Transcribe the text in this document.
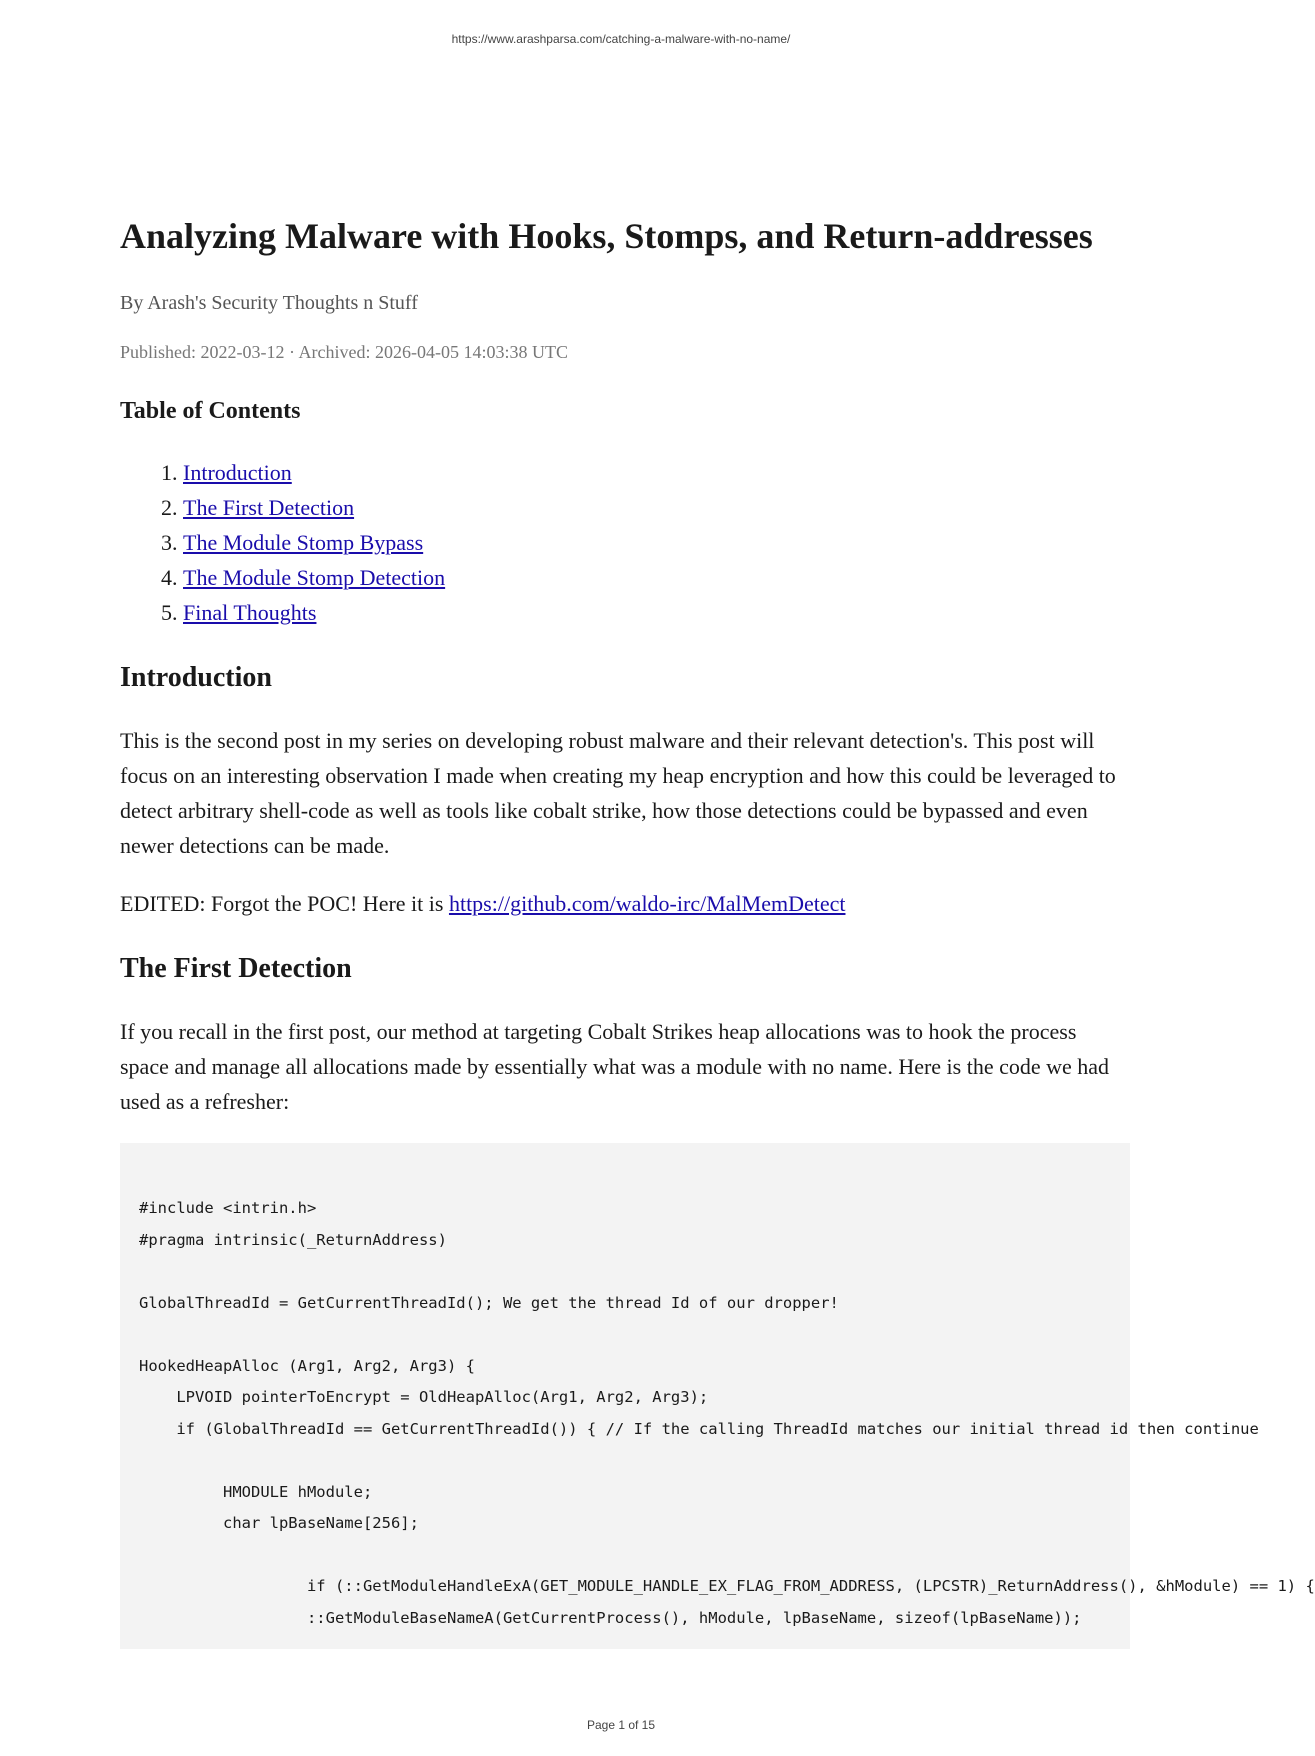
https://www.arashparsa.com/catching-a-malware-with-no-name/
Analyzing Malware with Hooks, Stomps, and Return-addresses
By Arash's Security Thoughts n Stuff
Published: 2022-03-12 · Archived: 2026-04-05 14:03:38 UTC
Table of Contents
1. Introduction
2. The First Detection
3. The Module Stomp Bypass
4. The Module Stomp Detection
5. Final Thoughts
Introduction

This is the second post in my series on developing robust malware and their relevant detection's. This post will focus on an interesting observation I made when creating my heap encryption and how this could be leveraged to detect arbitrary shell-code as well as tools like cobalt strike, how those detections could be bypassed and even newer detections can be made.

EDITED: Forgot the POC! Here it is https://github.com/waldo-irc/MalMemDetect

The First Detection

If you recall in the first post, our method at targeting Cobalt Strikes heap allocations was to hook the process space and manage all allocations made by essentially what was a module with no name. Here is the code we had used as a refresher:

#include <intrin.h>
#pragma intrinsic(_ReturnAddress)

GlobalThreadId = GetCurrentThreadId(); We get the thread Id of our dropper!

HookedHeapAlloc (Arg1, Arg2, Arg3) {
LPVOID pointerToEncrypt = OldHeapAlloc(Arg1, Arg2, Arg3);
if (GlobalThreadId == GetCurrentThreadId()) { // If the calling ThreadId matches our initial thread id then continue

HMODULE hModule;
char lpBaseName[256];

if (::GetModuleHandleExA(GET_MODULE_HANDLE_EX_FLAG_FROM_ADDRESS, (LPCSTR)_ReturnAddress(), &hModule) == 1) {
::GetModuleBaseNameA(GetCurrentProcess(), hModule, lpBaseName, sizeof(lpBaseName));
Page 1 of 15
